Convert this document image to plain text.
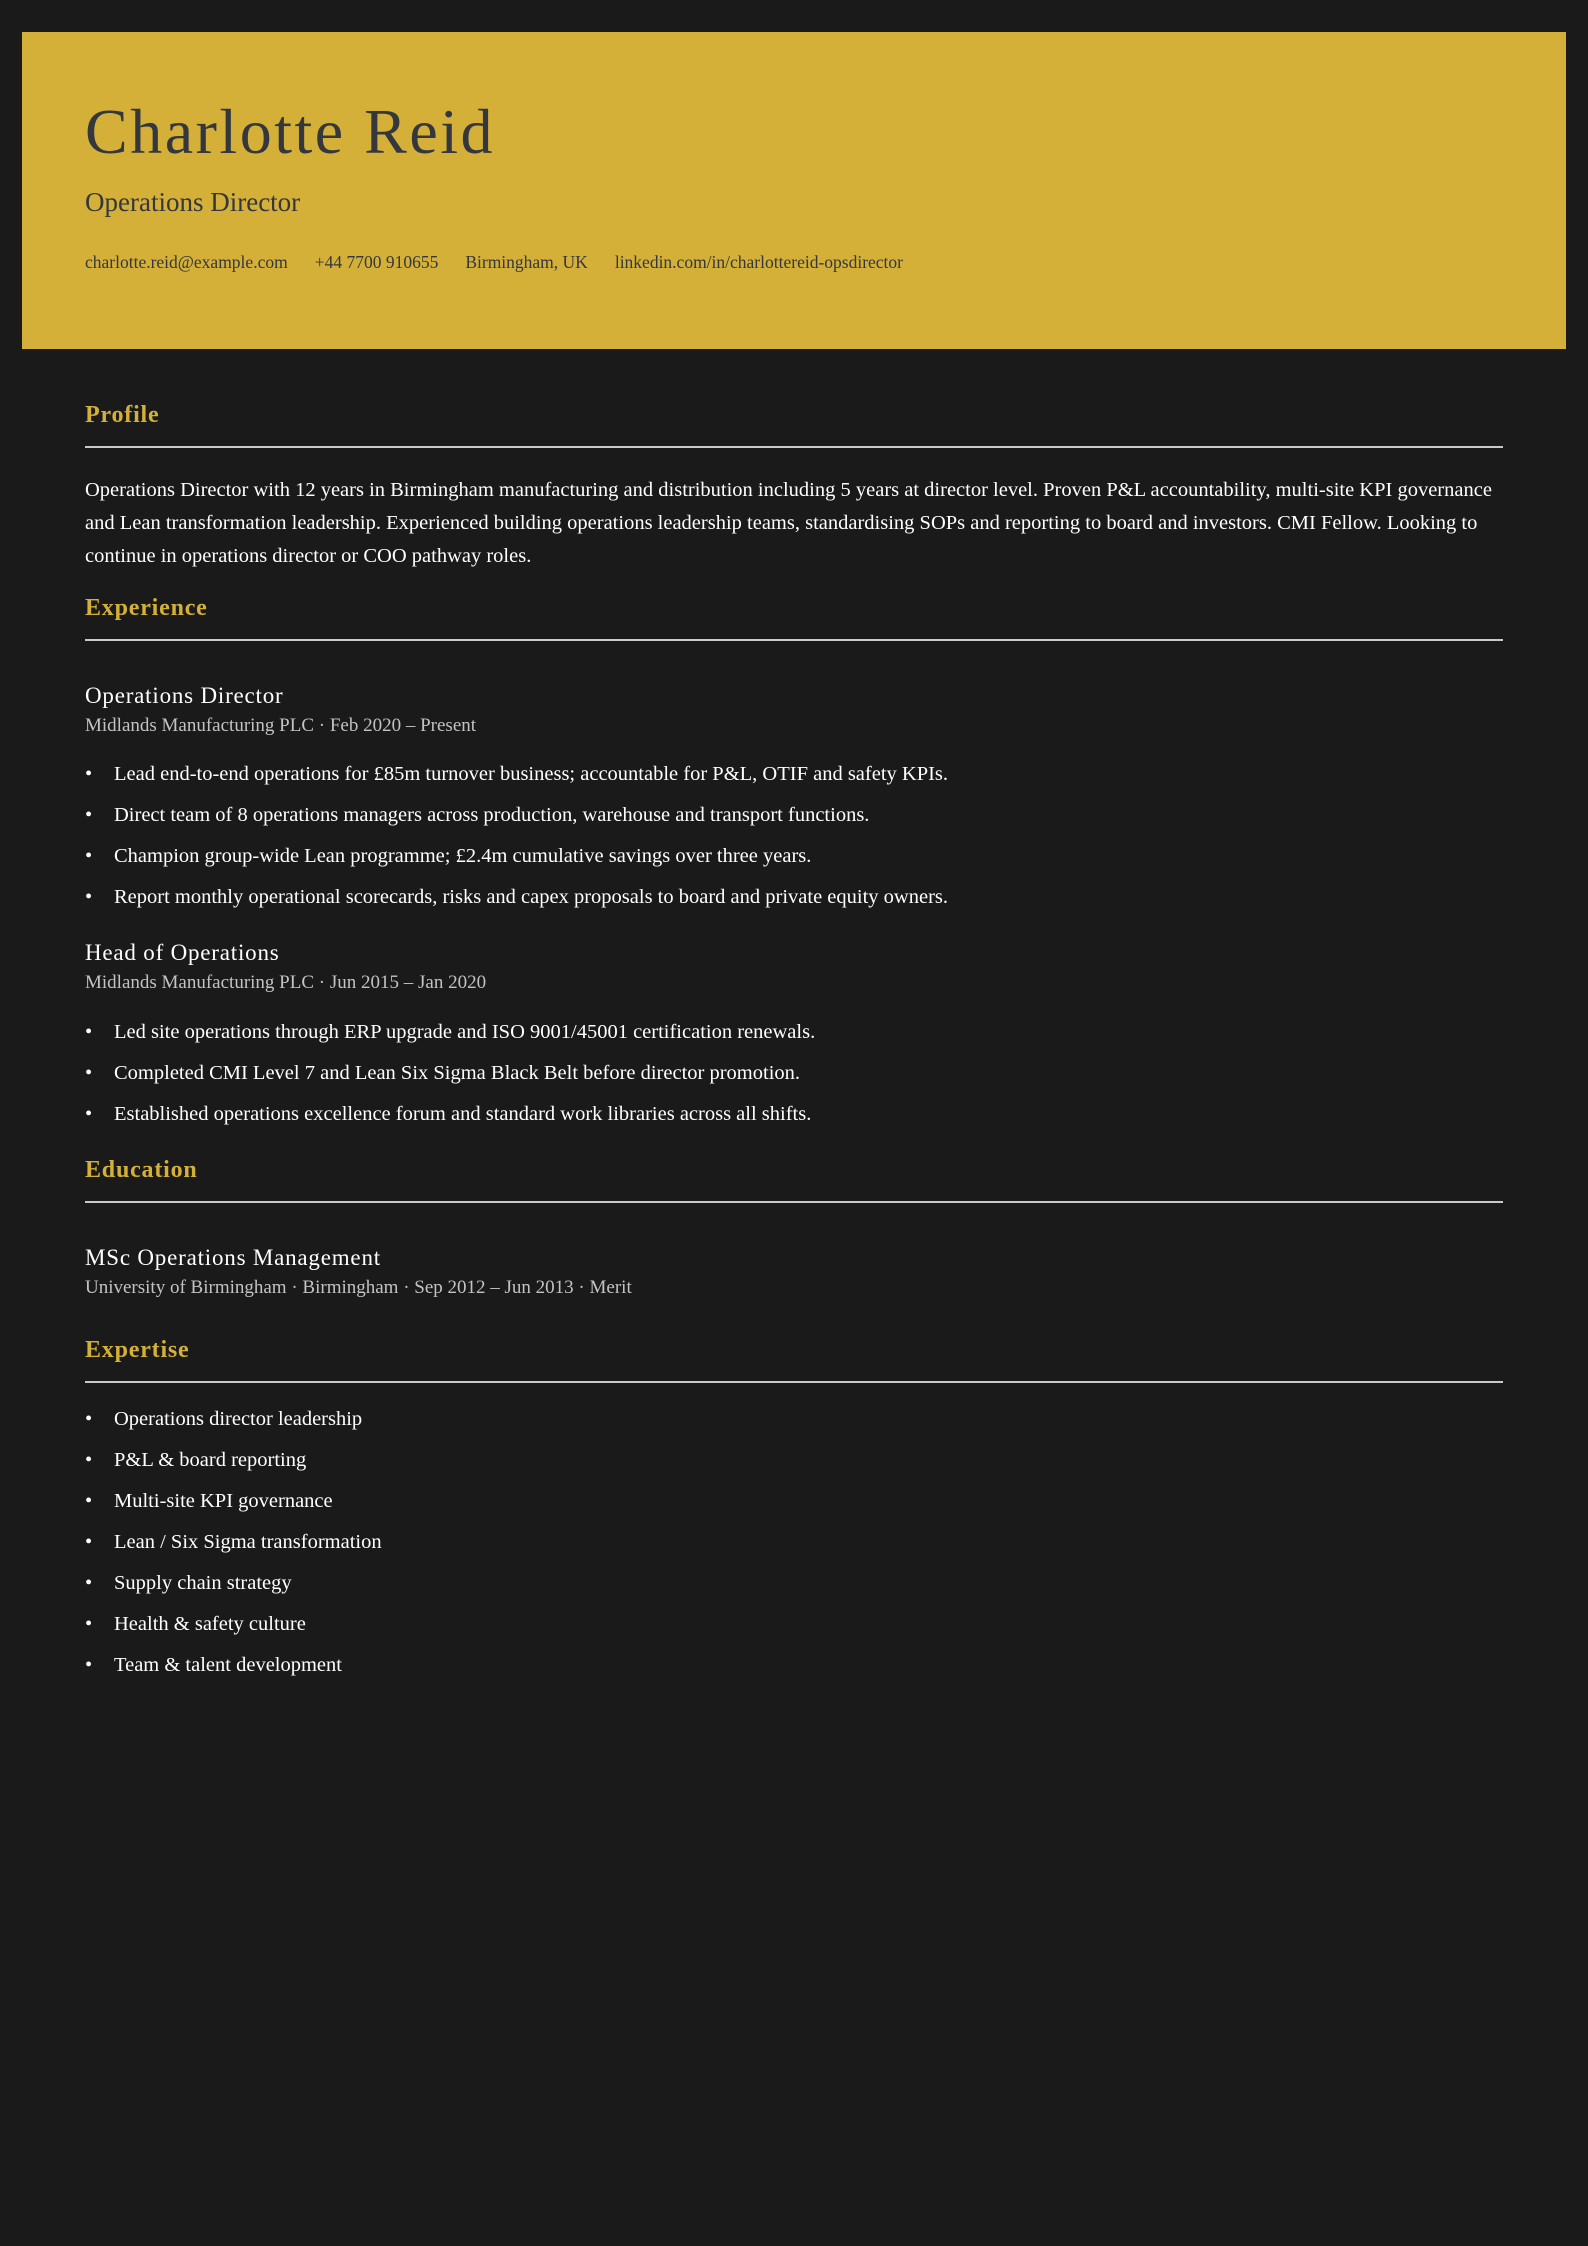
Charlotte Reid
Operations Director
charlotte.reid@example.com +44 7700 910655 Birmingham, UK linkedin.com/in/charlottereid-opsdirector
Profile

Operations Director with 12 years in Birmingham manufacturing and distribution including 5 years at director level. Proven P&L accountability, multi-site KPI governance and Lean transformation leadership. Experienced building operations leadership teams, standardising SOPs and reporting to board and investors. CMI Fellow. Looking to continue in operations director or COO pathway roles.

Experience
Operations Director
Midlands Manufacturing PLC · Feb 2020 – Present
• Lead end-to-end operations for £85m turnover business; accountable for P&L, OTIF and safety KPIs.
• Direct team of 8 operations managers across production, warehouse and transport functions.
• Champion group-wide Lean programme; £2.4m cumulative savings over three years.
• Report monthly operational scorecards, risks and capex proposals to board and private equity owners.
Head of Operations
Midlands Manufacturing PLC · Jun 2015 – Jan 2020
• Led site operations through ERP upgrade and ISO 9001/45001 certification renewals.
• Completed CMI Level 7 and Lean Six Sigma Black Belt before director promotion.
• Established operations excellence forum and standard work libraries across all shifts.
Education
MSc Operations Management
University of Birmingham · Birmingham · Sep 2012 – Jun 2013 · Merit
Expertise
• Operations director leadership
• P&L & board reporting
• Multi-site KPI governance
• Lean / Six Sigma transformation
• Supply chain strategy
• Health & safety culture
• Team & talent development
